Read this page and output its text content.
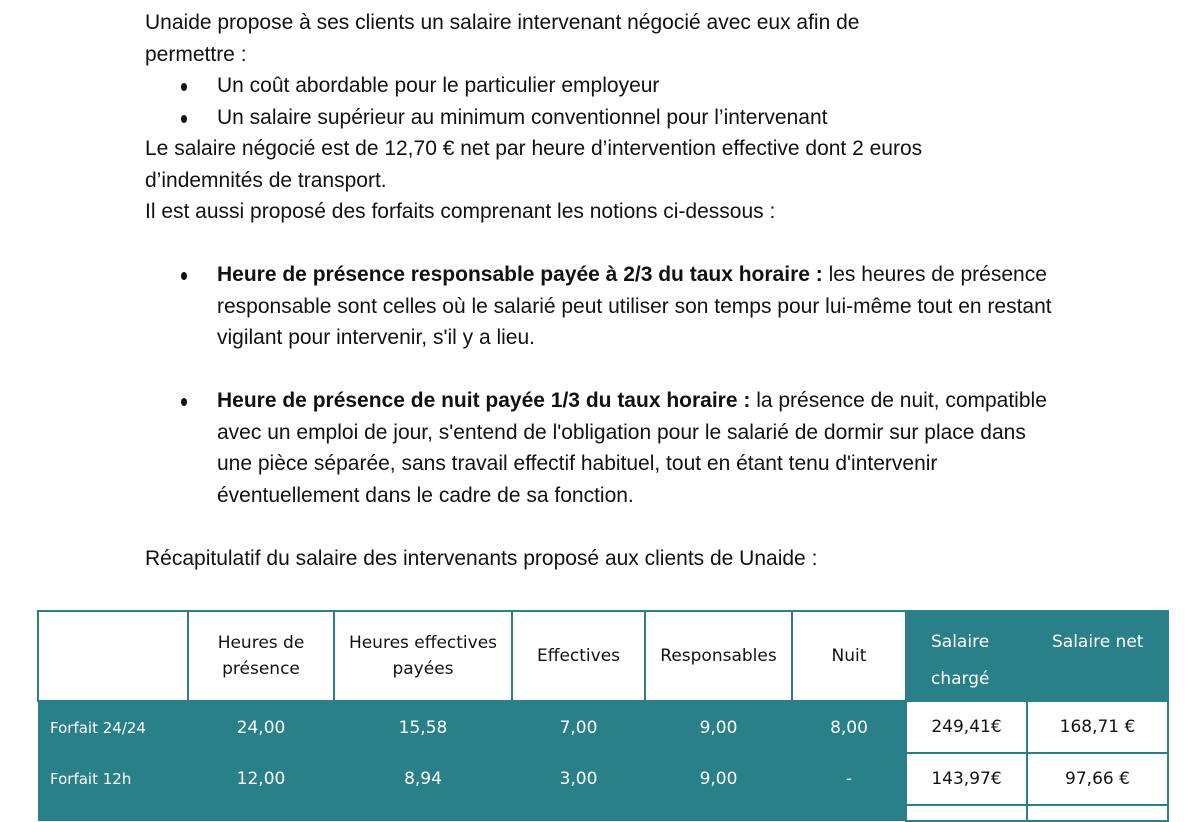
Unaide propose à ses clients un salaire intervenant négocié avec eux afin de

permettre :

Un coût abordable pour le particulier employeur
Un salaire supérieur au minimum conventionnel pour l’intervenant

Le salaire négocié est de 12,70 € net par heure d’intervention effective dont 2 euros

d’indemnités de transport.

Il est aussi proposé des forfaits comprenant les notions ci-dessous :

Heure de présence responsable payée à 2/3 du taux horaire : les heures de présence responsable sont celles où le salarié peut utiliser son temps pour lui-même tout en restant vigilant pour intervenir, s'il y a lieu.
Heure de présence de nuit payée 1/3 du taux horaire : la présence de nuit, compatible avec un emploi de jour, s'entend de l'obligation pour le salarié de dormir sur place dans une pièce séparée, sans travail effectif habituel, tout en étant tenu d'intervenir éventuellement dans le cadre de sa fonction.

Récapitulatif du salaire des intervenants proposé aux clients de Unaide :

	Heures de présence	Heures effectives payées	Effectives	Responsables	Nuit	Salaire chargé	Salaire net
Forfait 24/24	24,00	15,58	7,00	9,00	8,00	249,41€	168,71 €
Forfait 12h	12,00	8,94	3,00	9,00	-	143,97€	97,66 €
